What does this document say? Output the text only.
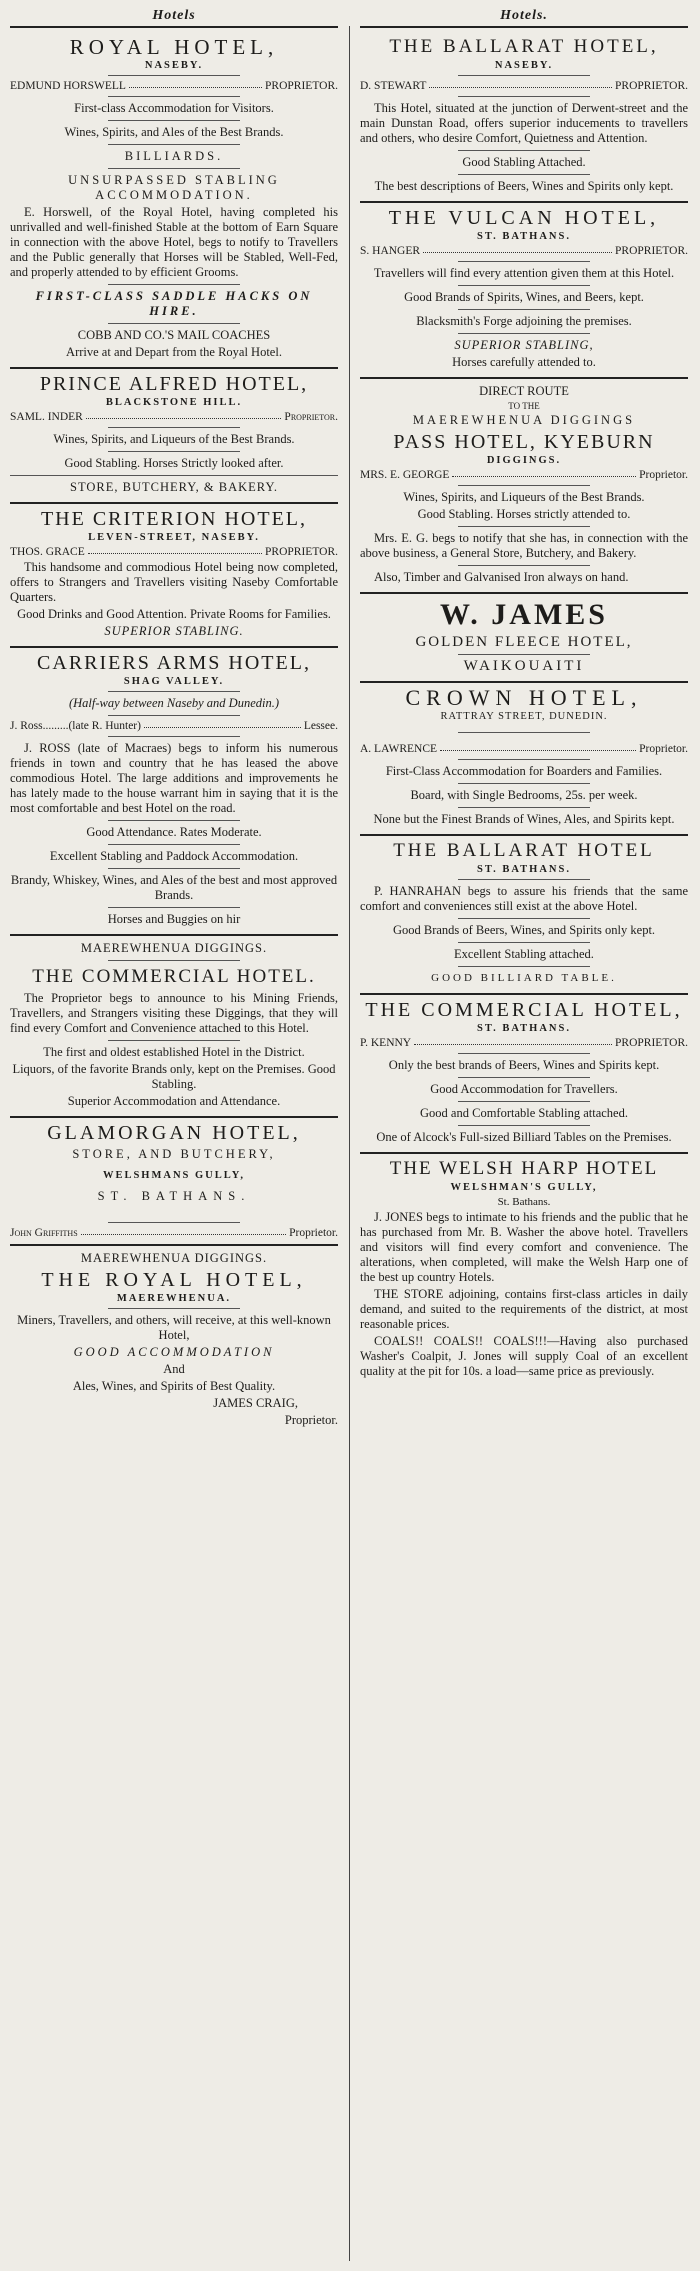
Hotels
ROYAL HOTEL,
NASEBY.
EDMUND HORSWELL	PROPRIETOR.

First-class Accommodation for Visitors.

Wines, Spirits, and Ales of the Best Brands.

BILLIARDS.

UNSURPASSED STABLING ACCOMMODATION.

E. Horswell, of the Royal Hotel, having completed his unrivalled and well-finished Stable at the bottom of Earn Square in connection with the above Hotel, begs to notify to Travellers and the Public generally that Horses will be Stabled, Well-Fed, and properly attended to by efficient Grooms.

FIRST-CLASS SADDLE HACKS ON HIRE.

COBB AND CO.'S MAIL COACHES

Arrive at and Depart from the Royal Hotel.

PRINCE ALFRED HOTEL,
BLACKSTONE HILL.
SAML. INDER	Proprietor.

Wines, Spirits, and Liqueurs of the Best Brands.

Good Stabling. Horses Strictly looked after.

STORE, BUTCHERY, & BAKERY.

THE CRITERION HOTEL,
LEVEN-STREET, NASEBY.
THOS. GRACE	PROPRIETOR.

This handsome and commodious Hotel being now completed, offers to Strangers and Travellers visiting Naseby Comfortable Quarters.

Good Drinks and Good Attention. Private Rooms for Families.

SUPERIOR STABLING.

CARRIERS ARMS HOTEL,
SHAG VALLEY.

(Half-way between Naseby and Dunedin.)

J. Ross.........(late R. Hunter)	Lessee.

J. ROSS (late of Macraes) begs to inform his numerous friends in town and country that he has leased the above commodious Hotel. The large additions and improvements he has lately made to the house warrant him in saying that it is the most comfortable and best Hotel on the road.

Good Attendance. Rates Moderate.

Excellent Stabling and Paddock Accommodation.

Brandy, Whiskey, Wines, and Ales of the best and most approved Brands.

Horses and Buggies on hir

MAEREWHENUA DIGGINGS.

THE COMMERCIAL HOTEL.

The Proprietor begs to announce to his Mining Friends, Travellers, and Strangers visiting these Diggings, that they will find every Comfort and Convenience attached to this Hotel.

The first and oldest established Hotel in the District.

Liquors, of the favorite Brands only, kept on the Premises. Good Stabling.

Superior Accommodation and Attendance.

GLAMORGAN HOTEL,

STORE, AND BUTCHERY,

WELSHMANS GULLY,

ST. BATHANS.

John Griffiths	Proprietor.

MAEREWHENUA DIGGINGS.

THE ROYAL HOTEL,
MAEREWHENUA.

Miners, Travellers, and others, will receive, at this well-known Hotel,

GOOD ACCOMMODATION

And

Ales, Wines, and Spirits of Best Quality.

JAMES CRAIG,

Proprietor.

Hotels.
THE BALLARAT HOTEL,
NASEBY.
D. STEWART	PROPRIETOR.

This Hotel, situated at the junction of Derwent-street and the main Dunstan Road, offers superior inducements to travellers and others, who desire Comfort, Quietness and Attention.

Good Stabling Attached.

The best descriptions of Beers, Wines and Spirits only kept.

THE VULCAN HOTEL,
ST. BATHANS.
S. HANGER	PROPRIETOR.

Travellers will find every attention given them at this Hotel.

Good Brands of Spirits, Wines, and Beers, kept.

Blacksmith's Forge adjoining the premises.

SUPERIOR STABLING,

Horses carefully attended to.

DIRECT ROUTE

TO THE

MAEREWHENUA DIGGINGS

PASS HOTEL, KYEBURN
DIGGINGS.
MRS. E. GEORGE	Proprietor.

Wines, Spirits, and Liqueurs of the Best Brands.

Good Stabling. Horses strictly attended to.

Mrs. E. G. begs to notify that she has, in connection with the above business, a General Store, Butchery, and Bakery.

Also, Timber and Galvanised Iron always on hand.

W. JAMES

GOLDEN FLEECE HOTEL,

WAIKOUAITI

CROWN HOTEL,
RATTRAY STREET, DUNEDIN.
A. LAWRENCE	Proprietor.

First-Class Accommodation for Boarders and Families.

Board, with Single Bedrooms, 25s. per week.

None but the Finest Brands of Wines, Ales, and Spirits kept.

THE BALLARAT HOTEL
ST. BATHANS.

P. HANRAHAN begs to assure his friends that the same comfort and conveniences still exist at the above Hotel.

Good Brands of Beers, Wines, and Spirits only kept.

Excellent Stabling attached.

GOOD BILLIARD TABLE.

THE COMMERCIAL HOTEL,
ST. BATHANS.
P. KENNY	PROPRIETOR.

Only the best brands of Beers, Wines and Spirits kept.

Good Accommodation for Travellers.

Good and Comfortable Stabling attached.

One of Alcock's Full-sized Billiard Tables on the Premises.

THE WELSH HARP HOTEL
WELSHMAN'S GULLY,

St. Bathans.

J. JONES begs to intimate to his friends and the public that he has purchased from Mr. B. Washer the above hotel. Travellers and visitors will find every comfort and convenience. The alterations, when completed, will make the Welsh Harp one of the best up country Hotels.

THE STORE adjoining, contains first-class articles in daily demand, and suited to the requirements of the district, at most reasonable prices.

COALS!! COALS!! COALS!!!—Having also purchased Washer's Coalpit, J. Jones will supply Coal of an excellent quality at the pit for 10s. a load—same price as previously.
